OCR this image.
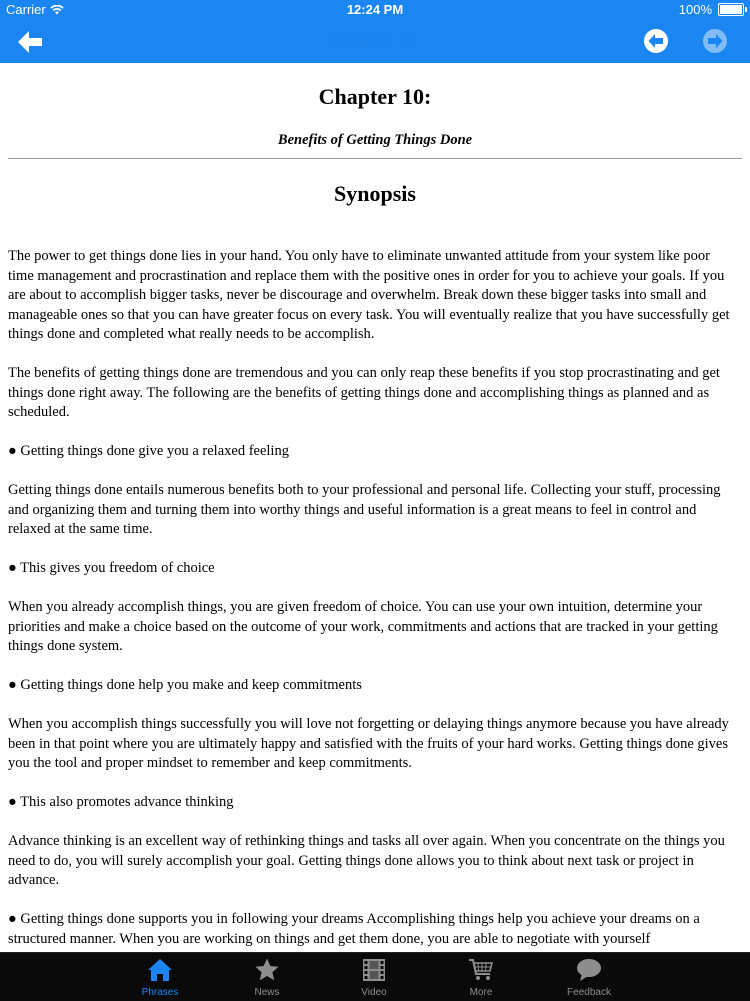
Carrier	12:24 PM	100%
Chapter 10
Chapter 10:
Benefits of Getting Things Done
Synopsis

The power to get things done lies in your hand. You only have to eliminate unwanted attitude from your system like poor time management and procrastination and replace them with the positive ones in order for you to achieve your goals. If you are about to accomplish bigger tasks, never be discourage and overwhelm. Break down these bigger tasks into small and manageable ones so that you can have greater focus on every task. You will eventually realize that you have successfully get things done and completed what really needs to be accomplish.

The benefits of getting things done are tremendous and you can only reap these benefits if you stop procrastinating and get things done right away. The following are the benefits of getting things done and accomplishing things as planned and as scheduled.

● Getting things done give you a relaxed feeling

Getting things done entails numerous benefits both to your professional and personal life. Collecting your stuff, processing and organizing them and turning them into worthy things and useful information is a great means to feel in control and relaxed at the same time.

● This gives you freedom of choice

When you already accomplish things, you are given freedom of choice. You can use your own intuition, determine your priorities and make a choice based on the outcome of your work, commitments and actions that are tracked in your getting things done system.

● Getting things done help you make and keep commitments

When you accomplish things successfully you will love not forgetting or delaying things anymore because you have already been in that point where you are ultimately happy and satisfied with the fruits of your hard works. Getting things done gives you the tool and proper mindset to remember and keep commitments.

● This also promotes advance thinking

Advance thinking is an excellent way of rethinking things and tasks all over again. When you concentrate on the things you need to do, you will surely accomplish your goal. Getting things done allows you to think about next task or project in advance.

● Getting things done supports you in following your dreams Accomplishing things help you achieve your dreams on a structured manner. When you are working on things and get them done, you are able to negotiate with yourself

Phrases	News	Video	More	Feedback
